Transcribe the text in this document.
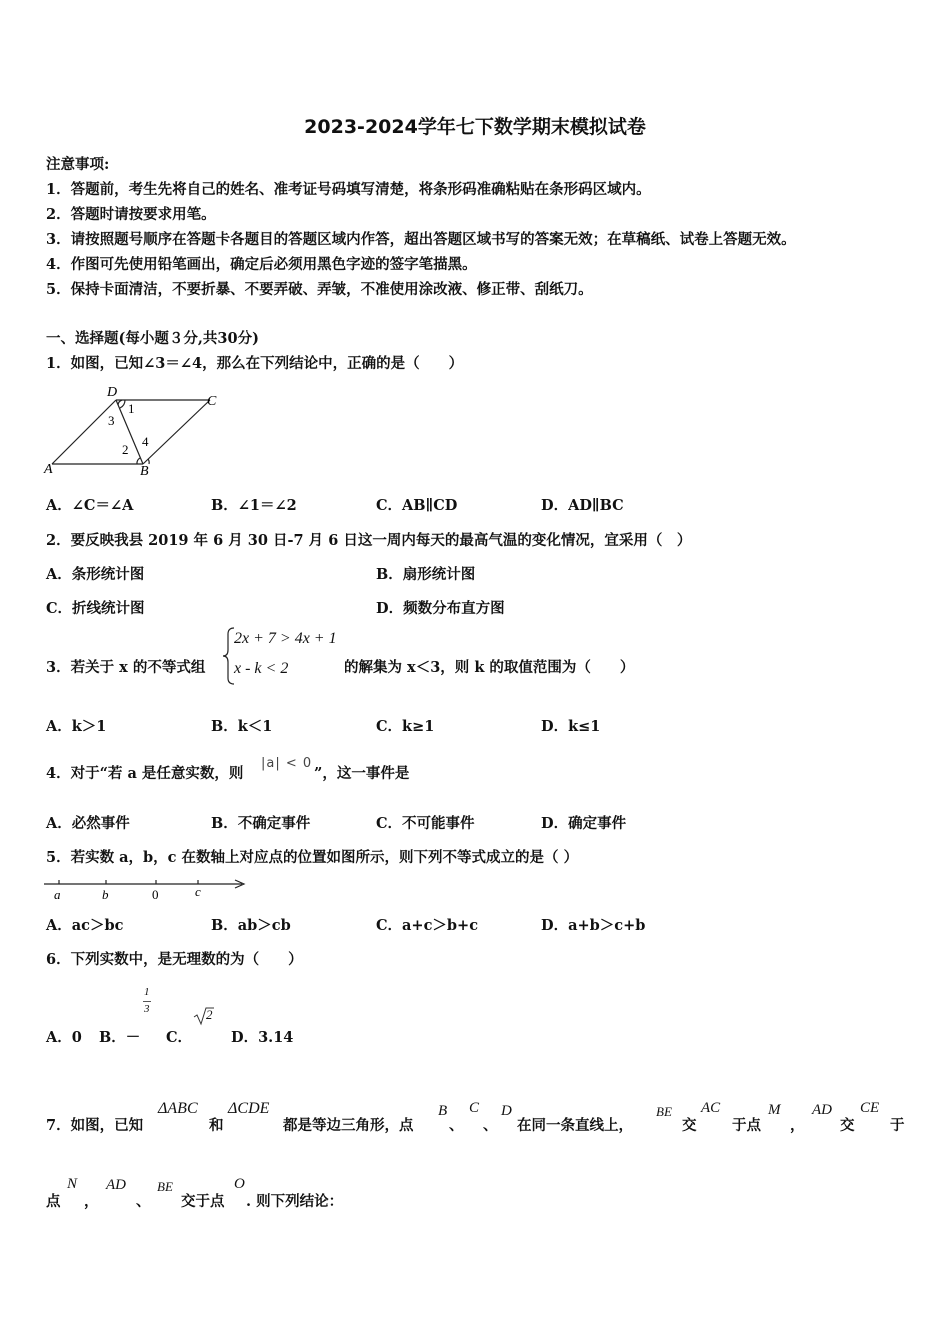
2023-2024学年七下数学期末模拟试卷
注意事项:
1．答题前，考生先将自己的姓名、准考证号码填写清楚，将条形码准确粘贴在条形码区域内。
2．答题时请按要求用笔。
3．请按照题号顺序在答题卡各题目的答题区域内作答，超出答题区域书写的答案无效；在草稿纸、试卷上答题无效。
4．作图可先使用铅笔画出，确定后必须用黑色字迹的签字笔描黑。
5．保持卡面清洁，不要折暴、不要弄破、弄皱，不准使用涂改液、修正带、刮纸刀。
一、选择题(每小题３分,共30分)
1．如图，已知∠3＝∠4，那么在下列结论中，正确的是（　　）
D
C
A	B
1
2
3
4
A．∠C＝∠A	B．∠1＝∠2	C．AB∥CD	D．AD∥BC
2．要反映我县 2019 年 6 月 30 日-7 月 6 日这一周内每天的最高气温的变化情况，宜采用（　）
A．条形统计图	B．扇形统计图
C．折线统计图	D．频数分布直方图
3．若关于 x 的不等式组
2x + 7 > 4x + 1
x - k < 2	的解集为 x＜3，则 k 的取值范围为（　　）
A．k＞1	B．k＜1	C．k≥1	D．k≤1
4．对于“若 a 是任意实数，则
|a| < 0
”，这一事件是
A．必然事件	B．不确定事件	C．不可能事件	D．确定事件
5．若实数 a，b，c 在数轴上对应点的位置如图所示，则下列不等式成立的是（ ）
a	b	0	c
A．ac＞bc	B．ab＞cb	C．a+c＞b+c	D．a+b＞c+b
6．下列实数中，是无理数的为（　　）
A．0 B．－
1
3
C．
2
D．3.14
7．如图，已知
ΔABC
和
ΔCDE
都是等边三角形，点
B
、
C
、
D
在同一条直线上，
BE
交
AC
于点
M
，
AD
交
CE
于
点
N
，
AD
、
BE
交于点
O
. 则下列结论：
